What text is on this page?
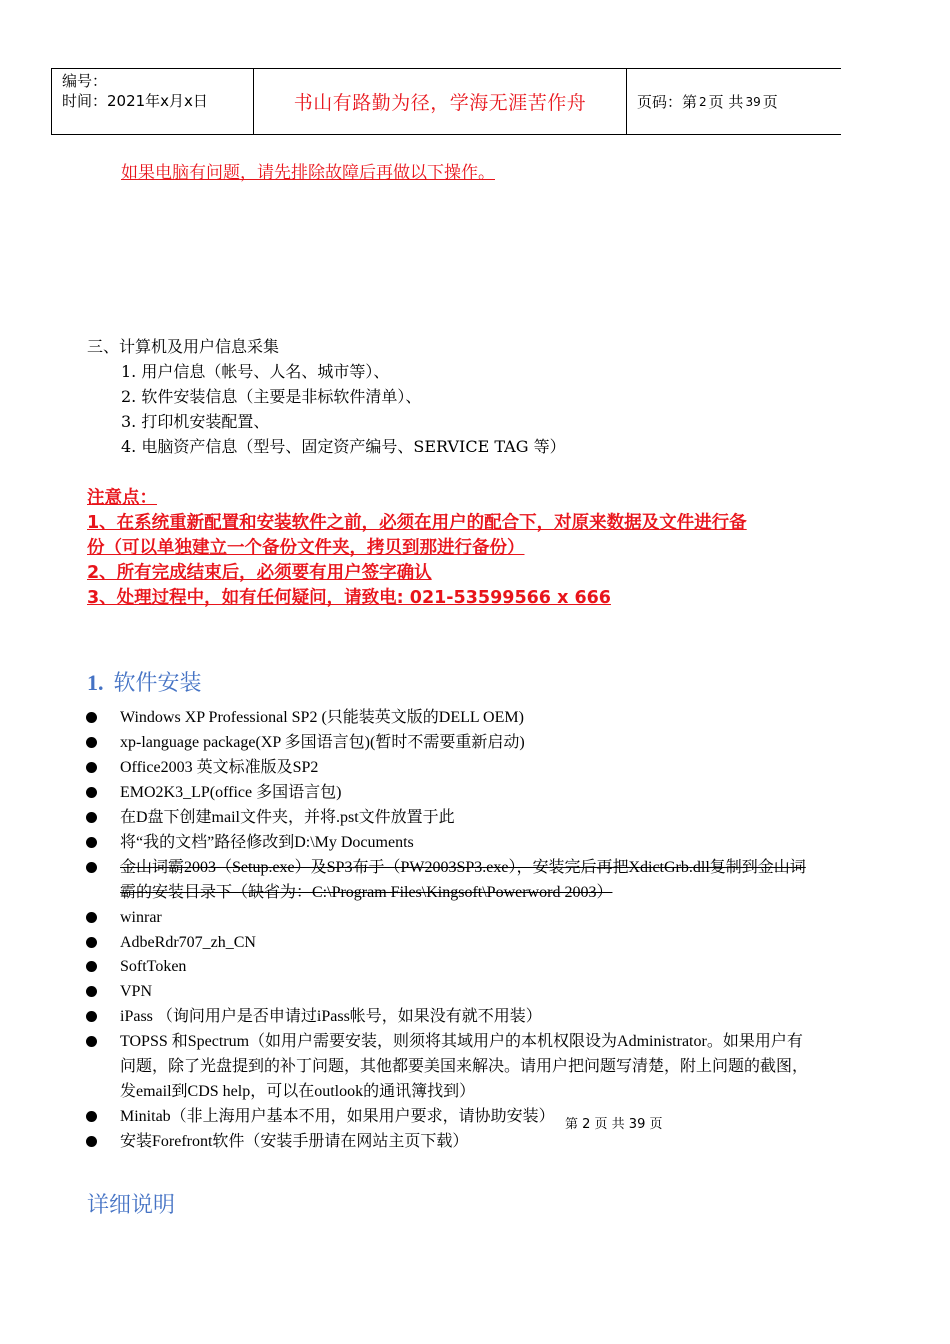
编号：
时间：2021年x月x日	书山有路勤为径，学海无涯苦作舟	页码：第 2 页 共 39 页
如果电脑有问题，请先排除故障后再做以下操作。
三、计算机及用户信息采集
1. 用户信息（帐号、人名、城市等）、
2. 软件安装信息（主要是非标软件清单）、
3. 打印机安装配置、
4. 电脑资产信息（型号、固定资产编号、SERVICE TAG 等）
注意点：
1、在系统重新配置和安装软件之前，必须在用户的配合下，对原来数据及文件进行备
份（可以单独建立一个备份文件夹，拷贝到那进行备份）
2、所有完成结束后，必须要有用户签字确认
3、处理过程中，如有任何疑问，请致电: 021-53599566 x 666
1. 软件安装
Windows XP Professional SP2 (只能装英文版的DELL OEM)
xp-language package(XP 多国语言包)(暂时不需要重新启动)
Office2003 英文标准版及SP2
EMO2K3_LP(office 多国语言包)
在D盘下创建mail文件夹，并将.pst文件放置于此
将“我的文档”路径修改到D:\My Documents
金山词霸2003（Setup.exe）及SP3布于（PW2003SP3.exe），安装完后再把XdictGrb.dll复制到金山词霸的安装目录下（缺省为：C:\Program Files\Kingsoft\Powerword 2003）
winrar
AdbeRdr707_zh_CN
SoftToken
VPN
iPass （询问用户是否申请过iPass帐号，如果没有就不用装）
TOPSS 和Spectrum（如用户需要安装，则须将其域用户的本机权限设为Administrator。如果用户有问题，除了光盘提到的补丁问题，其他都要美国来解决。请用户把问题写清楚，附上问题的截图，发email到CDS help，可以在outlook的通讯簿找到）
Minitab（非上海用户基本不用，如果用户要求，请协助安装）
安装Forefront软件（安装手册请在网站主页下载）
第 2 页 共 39 页
详细说明
